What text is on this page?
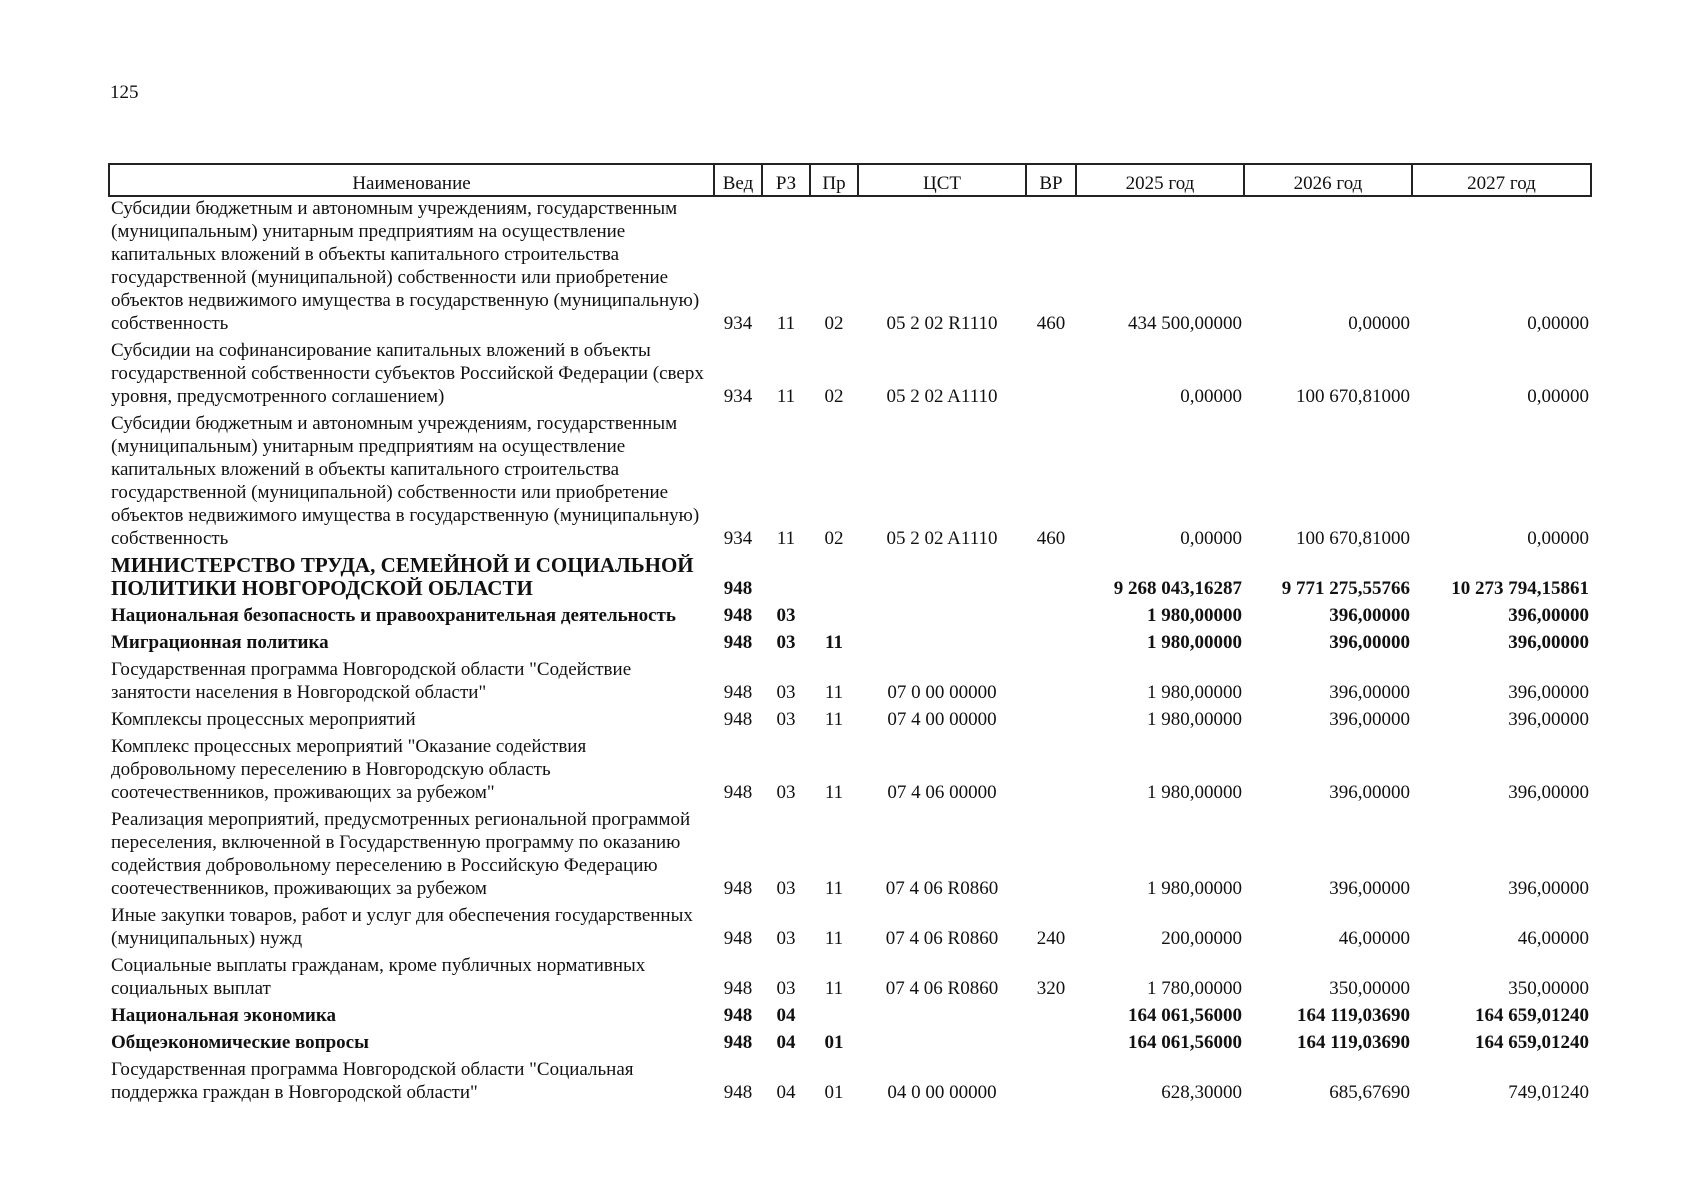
125
Наименование	Вед	РЗ	Пр	ЦСТ	ВР	2025 год	2026 год	2027 год
Субсидии бюджетным и автономным учреждениям, государственным (муниципальным) унитарным предприятиям на осуществление капитальных вложений в объекты капитального строительства государственной (муниципальной) собственности или приобретение объектов недвижимого имущества в государственную (муниципальную) собственность	934	11	02	05 2 02 R1110	460	434 500,00000	0,00000	0,00000
Субсидии на софинансирование капитальных вложений в объекты государственной собственности субъектов Российской Федерации (сверх уровня, предусмотренного соглашением)	934	11	02	05 2 02 A1110		0,00000	100 670,81000	0,00000
Субсидии бюджетным и автономным учреждениям, государственным (муниципальным) унитарным предприятиям на осуществление капитальных вложений в объекты капитального строительства государственной (муниципальной) собственности или приобретение объектов недвижимого имущества в государственную (муниципальную) собственность	934	11	02	05 2 02 A1110	460	0,00000	100 670,81000	0,00000
МИНИСТЕРСТВО ТРУДА, СЕМЕЙНОЙ И СОЦИАЛЬНОЙ ПОЛИТИКИ НОВГОРОДСКОЙ ОБЛАСТИ	948					9 268 043,16287	9 771 275,55766	10 273 794,15861
Национальная безопасность и правоохранительная деятельность	948	03				1 980,00000	396,00000	396,00000
Миграционная политика	948	03	11			1 980,00000	396,00000	396,00000
Государственная программа Новгородской области "Содействие занятости населения в Новгородской области"	948	03	11	07 0 00 00000		1 980,00000	396,00000	396,00000
Комплексы процессных мероприятий	948	03	11	07 4 00 00000		1 980,00000	396,00000	396,00000
Комплекс процессных мероприятий "Оказание содействия добровольному переселению в Новгородскую область соотечественников, проживающих за рубежом"	948	03	11	07 4 06 00000		1 980,00000	396,00000	396,00000
Реализация мероприятий, предусмотренных региональной программой переселения, включенной в Государственную программу по оказанию содействия добровольному переселению в Российскую Федерацию соотечественников, проживающих за рубежом	948	03	11	07 4 06 R0860		1 980,00000	396,00000	396,00000
Иные закупки товаров, работ и услуг для обеспечения государственных (муниципальных) нужд	948	03	11	07 4 06 R0860	240	200,00000	46,00000	46,00000
Социальные выплаты гражданам, кроме публичных нормативных социальных выплат	948	03	11	07 4 06 R0860	320	1 780,00000	350,00000	350,00000
Национальная экономика	948	04				164 061,56000	164 119,03690	164 659,01240
Общеэкономические вопросы	948	04	01			164 061,56000	164 119,03690	164 659,01240
Государственная программа Новгородской области "Социальная поддержка граждан в Новгородской области"	948	04	01	04 0 00 00000		628,30000	685,67690	749,01240
